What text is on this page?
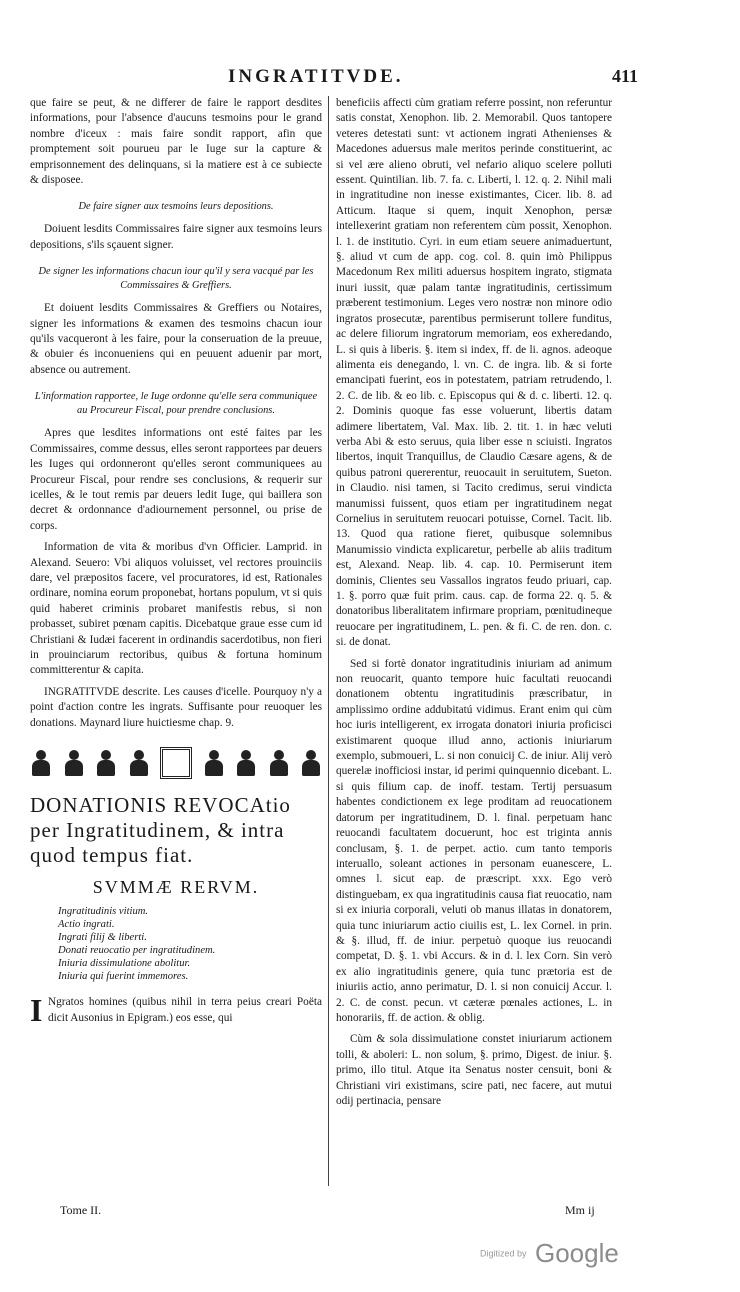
INGRATITVDE.	411

que faire se peut, & ne differer de faire le rapport desdites informations, pour l'absence d'aucuns tesmoins pour le grand nombre d'iceux : mais faire sondit rapport, afin que promptement soit pourueu par le Iuge sur la capture & emprisonnement des delinquans, si la matiere est à ce subiecte & disposee.

De faire signer aux tesmoins leurs depositions.

Doiuent lesdits Commissaires faire signer aux tesmoins leurs depositions, s'ils sçauent signer.

De signer les informations chacun iour qu'il y sera vacqué par les Commissaires & Greffiers.

Et doiuent lesdits Commissaires & Greffiers ou Notaires, signer les informations & examen des tesmoins chacun iour qu'ils vacqueront à les faire, pour la conseruation de la preuue, & obuier és inconueniens qui en peuuent aduenir par mort, absence ou autrement.

L'information rapportee, le Iuge ordonne qu'elle sera communiquee au Procureur Fiscal, pour prendre conclusions.

Apres que lesdites informations ont esté faites par les Commissaires, comme dessus, elles seront rapportees par deuers les Iuges qui ordonneront qu'elles seront communiquees au Procureur Fiscal, pour rendre ses conclusions, & requerir sur icelles, & le tout remis par deuers ledit Iuge, qui baillera son decret & ordonnance d'adiournement personnel, ou prise de corps.

Information de vita & moribus d'vn Officier. Lamprid. in Alexand. Seuero: Vbi aliquos voluisset, vel rectores prouinciis dare, vel præpositos facere, vel procuratores, id est, Rationales ordinare, nomina eorum proponebat, hortans populum, vt si quis quid haberet criminis probaret manifestis rebus, si non probasset, subiret pœnam capitis. Dicebatque graue esse cum id Christiani & Iudæi facerent in ordinandis sacerdotibus, non fieri in prouinciarum rectoribus, quibus & fortuna hominum committerentur & capita.

INGRATITVDE descrite. Les causes d'icelle. Pourquoy n'y a point d'action contre les ingrats. Suffisante pour reuoquer les donations. Maynard liure huictiesme chap. 9.

DONATIONIS REVOCAtio per Ingratitudinem, & intra quod tempus fiat.

SVMMÆ RERVM.

Ingratitudinis vitium.
Actio ingrati.
Ingrati filij & liberti.
Donati reuocatio per ingratitudinem.
Iniuria dissimulatione abolitur.
Iniuria qui fuerint immemores.

I Ngratos homines (quibus nihil in terra peius creari Poëta dicit Ausonius in Epigram.) eos esse, qui

beneficiis affecti cùm gratiam referre possint, non referuntur satis constat, Xenophon. lib. 2. Memorabil. Quos tantopere veteres detestati sunt: vt actionem ingrati Athenienses & Macedones aduersus male meritos perinde constituerint, ac si vel ære alieno obruti, vel nefario aliquo scelere polluti essent. Quintilian. lib. 7. fa. c. Liberti, l. 12. q. 2. Nihil mali in ingratitudine non inesse existimantes, Cicer. lib. 8. ad Atticum. Itaque si quem, inquit Xenophon, persæ intellexerint gratiam non referentem cùm possit, Xenophon. l. 1. de institutio. Cyri. in eum etiam seuere animaduertunt, §. aliud vt cum de app. cog. col. 8. quin imò Philippus Macedonum Rex militi aduersus hospitem ingrato, stigmata inuri iussit, quæ palam tantæ ingratitudinis, certissimum præberent testimonium. Leges vero nostræ non minore odio ingratos prosecutæ, parentibus permiserunt tollere funditus, ac delere filiorum ingratorum memoriam, eos exheredando, L. si quis à liberis. §. item si index, ff. de li. agnos. adeoque alimenta eis denegando, l. vn. C. de ingra. lib. & si forte emancipati fuerint, eos in potestatem, patriam retrudendo, l. 2. C. de lib. & eo lib. c. Episcopus qui & d. c. liberti. 12. q. 2. Dominis quoque fas esse voluerunt, libertis datam adimere libertatem, Val. Max. lib. 2. tit. 1. in hæc veluti verba Abi & esto seruus, quia liber esse n sciuisti. Ingratos libertos, inquit Tranquillus, de Claudio Cæsare agens, & de quibus patroni quererentur, reuocauit in seruitutem, Sueton. in Claudio. nisi tamen, si Tacito credimus, serui vindicta manumissi fuissent, quos etiam per ingratitudinem negat Cornelius in seruitutem reuocari potuisse, Cornel. Tacit. lib. 13. Quod qua ratione fieret, quibusque solemnibus Manumissio vindicta explicaretur, perbelle ab aliis traditum est, Alexand. Neap. lib. 4. cap. 10. Permiserunt item dominis, Clientes seu Vassallos ingratos feudo priuari, cap. 1. §. porro quæ fuit prim. caus. cap. de forma 22. q. 5. & donatoribus liberalitatem infirmare propriam, pœnitudineque reuocare per ingratitudinem, L. pen. & fi. C. de ren. don. c. si. de donat.

Sed si fortè donator ingratitudinis iniuriam ad animum non reuocarit, quanto tempore huic facultati reuocandi donationem obtentu ingratitudinis præscribatur, in amplissimo ordine addubitatú vidimus. Erant enim qui cùm hoc iuris intelligerent, ex irrogata donatori iniuria proficisci existimarent quoque illud anno, actionis iniuriarum exemplo, submoueri, L. si non conuicij C. de iniur. Alij verò querelæ inofficiosi instar, id perimi quinquennio dicebant. L. si quis filium cap. de inoff. testam. Tertij persuasum habentes condictionem ex lege proditam ad reuocationem datorum per ingratitudinem, D. l. final. perpetuam hanc reuocandi facultatem docuerunt, hoc est triginta annis conclusam, §. 1. de perpet. actio. cum tanto temporis interuallo, soleant actiones in personam euanescere, L. omnes l. sicut eap. de præscript. xxx. Ego verò distinguebam, ex qua ingratitudinis causa fiat reuocatio, nam si ex iniuria corporali, veluti ob manus illatas in donatorem, quia tunc iniuriarum actio ciuilis est, L. lex Cornel. in prin. & §. illud, ff. de iniur. perpetuò quoque ius reuocandi competat, D. §. 1. vbi Accurs. & in d. l. lex Corn. Sin verò ex alio ingratitudinis genere, quia tunc prætoria est de iniuriis actio, anno perimatur, D. l. si non conuicij Accur. l. 2. C. de const. pecun. vt cæteræ pœnales actiones, L. in honorariis, ff. de action. & oblig.

Cùm & sola dissimulatione constet iniuriarum actionem tolli, & aboleri: L. non solum, §. primo, Digest. de iniur. §. primo, illo titul. Atque ita Senatus noster censuit, boni & Christiani viri existimans, scire pati, nec facere, aut mutui odij pertinacia, pensare

Tome II.	Mm ij
Digitized by Google
